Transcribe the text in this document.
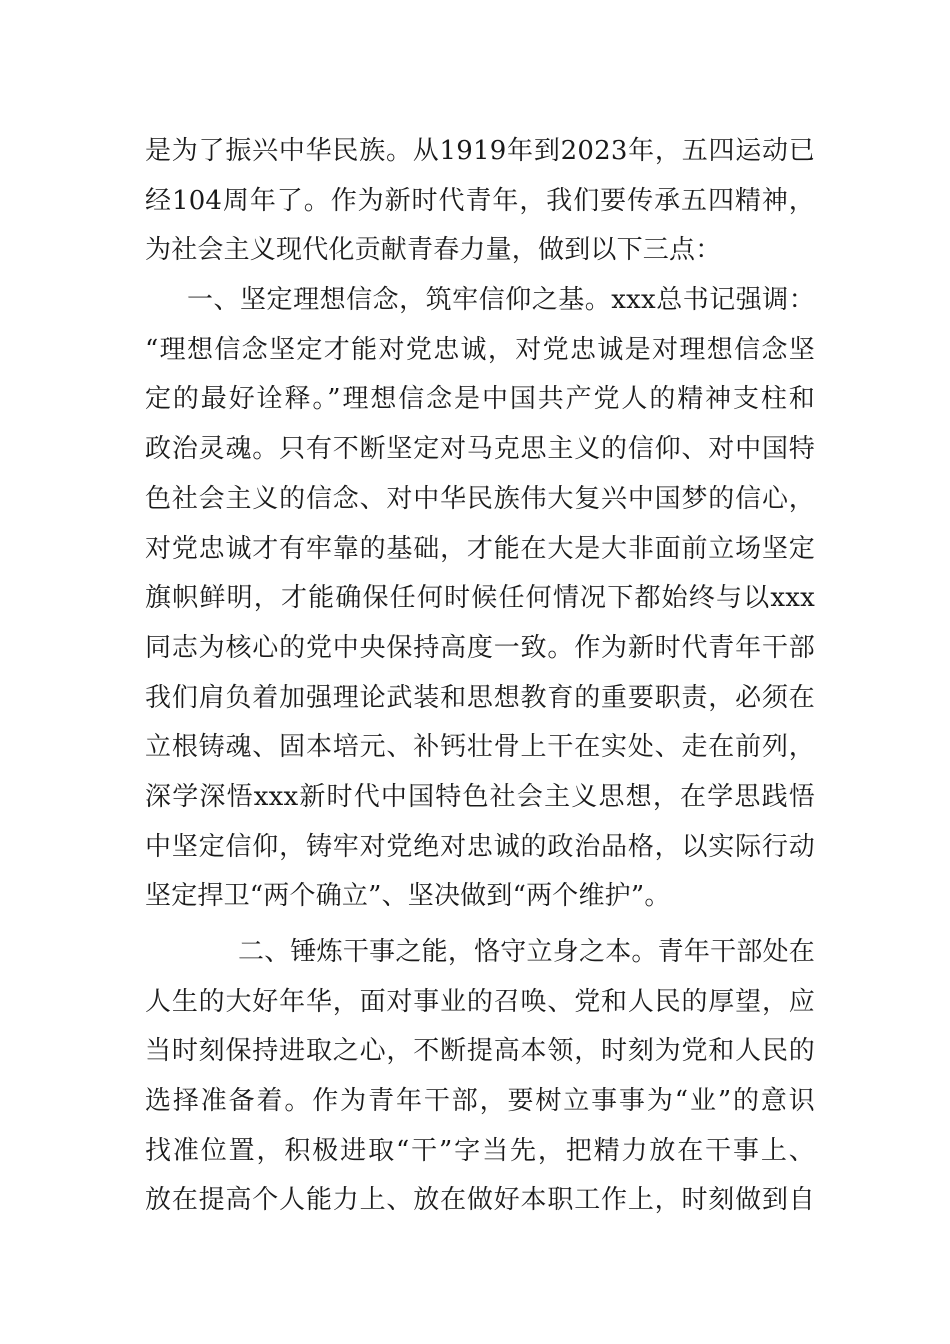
是为了振兴中华民族。从1919年到2023年，五四运动已
经104周年了。作为新时代青年，我们要传承五四精神，
为社会主义现代化贡献青春力量，做到以下三点：
一、坚定理想信念，筑牢信仰之基。xxx总书记强调：
“理想信念坚定才能对党忠诚，对党忠诚是对理想信念坚
定的最好诠释。”理想信念是中国共产党人的精神支柱和
政治灵魂。只有不断坚定对马克思主义的信仰、对中国特
色社会主义的信念、对中华民族伟大复兴中国梦的信心，
对党忠诚才有牢靠的基础，才能在大是大非面前立场坚定
旗帜鲜明，才能确保任何时候任何情况下都始终与以xxx
同志为核心的党中央保持高度一致。作为新时代青年干部
我们肩负着加强理论武装和思想教育的重要职责，必须在
立根铸魂、固本培元、补钙壮骨上干在实处、走在前列，
深学深悟xxx新时代中国特色社会主义思想，在学思践悟
中坚定信仰，铸牢对党绝对忠诚的政治品格，以实际行动
坚定捍卫“两个确立”、坚决做到“两个维护”。
二、锤炼干事之能，恪守立身之本。青年干部处在
人生的大好年华，面对事业的召唤、党和人民的厚望，应
当时刻保持进取之心，不断提高本领，时刻为党和人民的
选择准备着。作为青年干部，要树立事事为“业”的意识
找准位置，积极进取“干”字当先，把精力放在干事上、
放在提高个人能力上、放在做好本职工作上，时刻做到自
